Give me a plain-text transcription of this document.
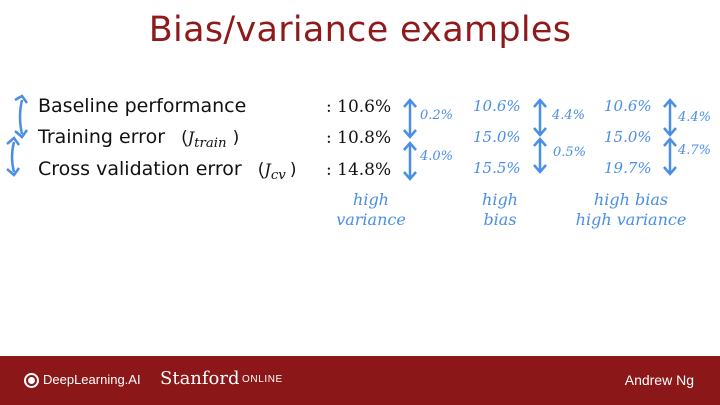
Bias/variance examples
Baseline performance
Training error ($J_{train}$ )
Cross validation error ($J_{cv}$ )
: 10.6%
: 10.8%
: 14.8%
0.2%
4.0%
high
variance
10.6%
15.0%
15.5%
4.4%
0.5%
high
bias
10.6%
15.0%
19.7%
4.4%
4.7%
high bias
high variance
DeepLearning.AI Stanford ONLINE	Andrew Ng
